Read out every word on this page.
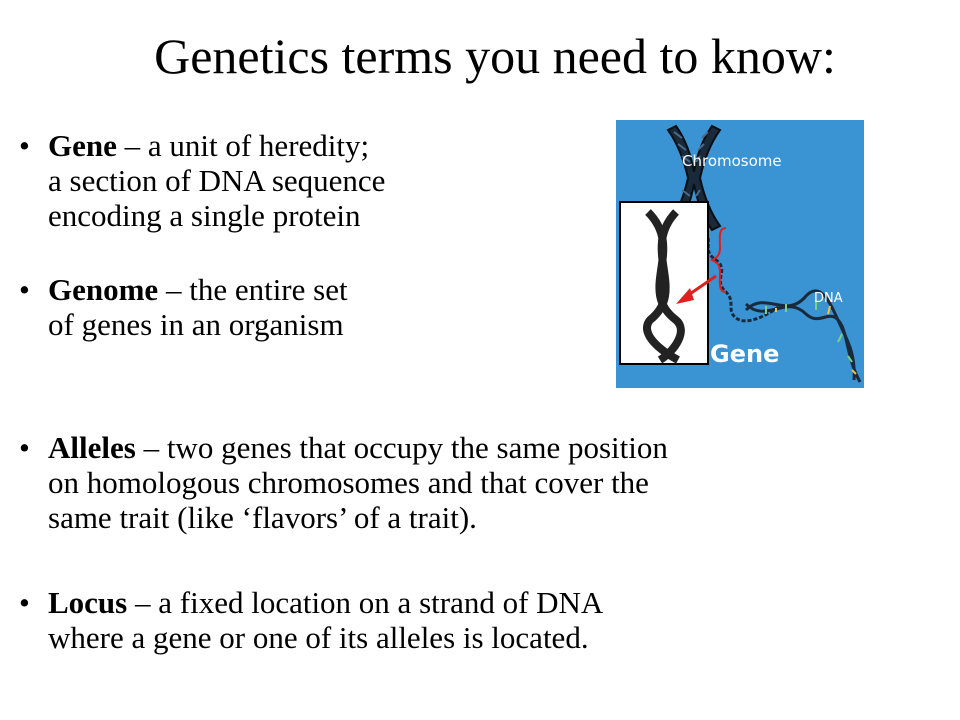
Genetics terms you need to know:
• Gene – a unit of heredity;
a section of DNA sequence
encoding a single protein
• Genome – the entire set
of genes in an organism
• Alleles – two genes that occupy the same position
on homologous chromosomes and that cover the
same trait (like ‘flavors’ of a trait).
• Locus – a fixed location on a strand of DNA
where a gene or one of its alleles is located.
Chromosome
DNA
Gene
